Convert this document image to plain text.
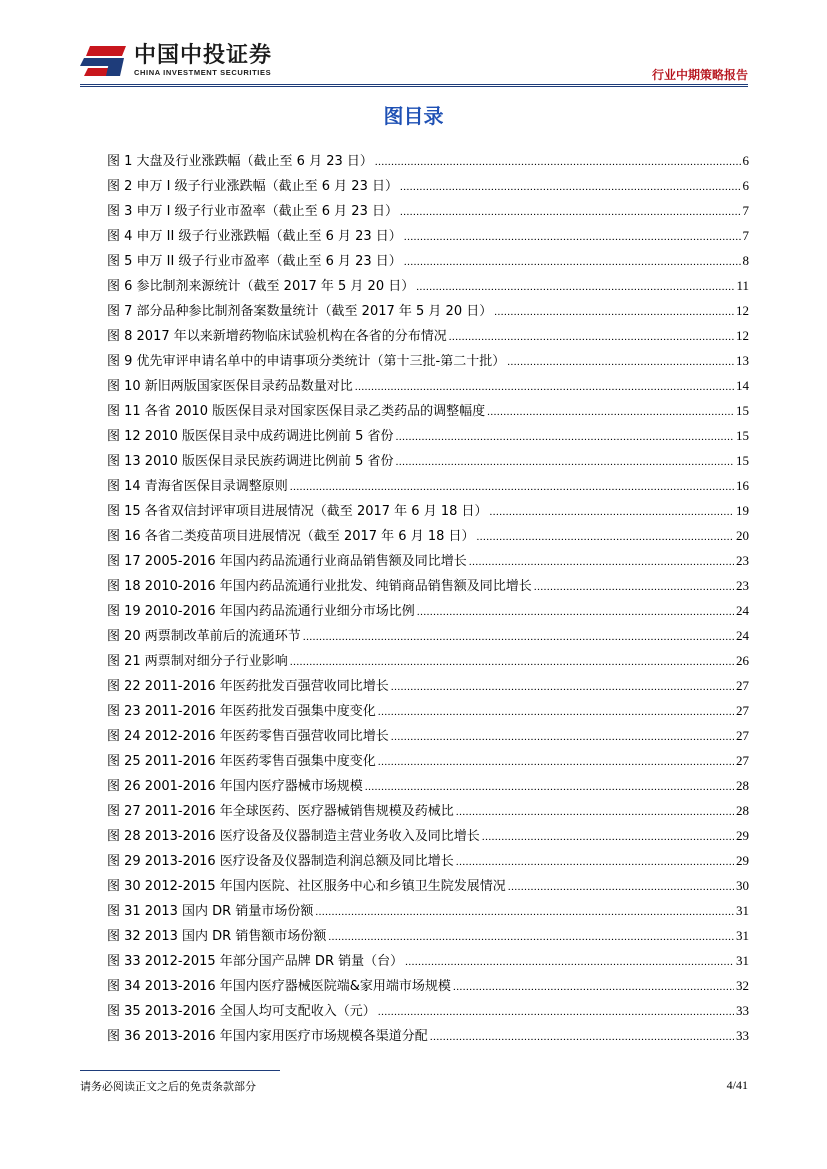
中国中投证券
CHINA INVESTMENT SECURITIES	行业中期策略报告
图目录
图 1 大盘及行业涨跌幅（截止至 6 月 23 日） .....	6
图 2 申万 I 级子行业涨跌幅（截止至 6 月 23 日） .....	6
图 3 申万 I 级子行业市盈率（截止至 6 月 23 日） .....	7
图 4 申万 II 级子行业涨跌幅（截止至 6 月 23 日） .....	7
图 5 申万 II 级子行业市盈率（截止至 6 月 23 日） .....	8
图 6 参比制剂来源统计（截至 2017 年 5 月 20 日） .....	11
图 7 部分品种参比制剂备案数量统计（截至 2017 年 5 月 20 日） .....	12
图 8 2017 年以来新增药物临床试验机构在各省的分布情况 .....	12
图 9 优先审评申请名单中的申请事项分类统计（第十三批-第二十批） .....	13
图 10 新旧两版国家医保目录药品数量对比 .....	14
图 11 各省 2010 版医保目录对国家医保目录乙类药品的调整幅度 .....	15
图 12 2010 版医保目录中成药调进比例前 5 省份 .....	15
图 13 2010 版医保目录民族药调进比例前 5 省份 .....	15
图 14 青海省医保目录调整原则 .....	16
图 15 各省双信封评审项目进展情况（截至 2017 年 6 月 18 日） .....	19
图 16 各省二类疫苗项目进展情况（截至 2017 年 6 月 18 日） .....	20
图 17 2005-2016 年国内药品流通行业商品销售额及同比增长 .....	23
图 18 2010-2016 年国内药品流通行业批发、纯销商品销售额及同比增长 .....	23
图 19 2010-2016 年国内药品流通行业细分市场比例 .....	24
图 20 两票制改革前后的流通环节 .....	24
图 21 两票制对细分子行业影响 .....	26
图 22 2011-2016 年医药批发百强营收同比增长 .....	27
图 23 2011-2016 年医药批发百强集中度变化 .....	27
图 24 2012-2016 年医药零售百强营收同比增长 .....	27
图 25 2011-2016 年医药零售百强集中度变化 .....	27
图 26 2001-2016 年国内医疗器械市场规模 .....	28
图 27 2011-2016 年全球医药、医疗器械销售规模及药械比 .....	28
图 28 2013-2016 医疗设备及仪器制造主营业务收入及同比增长 .....	29
图 29 2013-2016 医疗设备及仪器制造利润总额及同比增长 .....	29
图 30 2012-2015 年国内医院、社区服务中心和乡镇卫生院发展情况 .....	30
图 31 2013 国内 DR 销量市场份额 .....	31
图 32 2013 国内 DR 销售额市场份额 .....	31
图 33 2012-2015 年部分国产品牌 DR 销量（台） .....	31
图 34 2013-2016 年国内医疗器械医院端&家用端市场规模 .....	32
图 35 2013-2016 全国人均可支配收入（元） .....	33
图 36 2013-2016 年国内家用医疗市场规模各渠道分配 .....	33
请务必阅读正文之后的免责条款部分	4/41
